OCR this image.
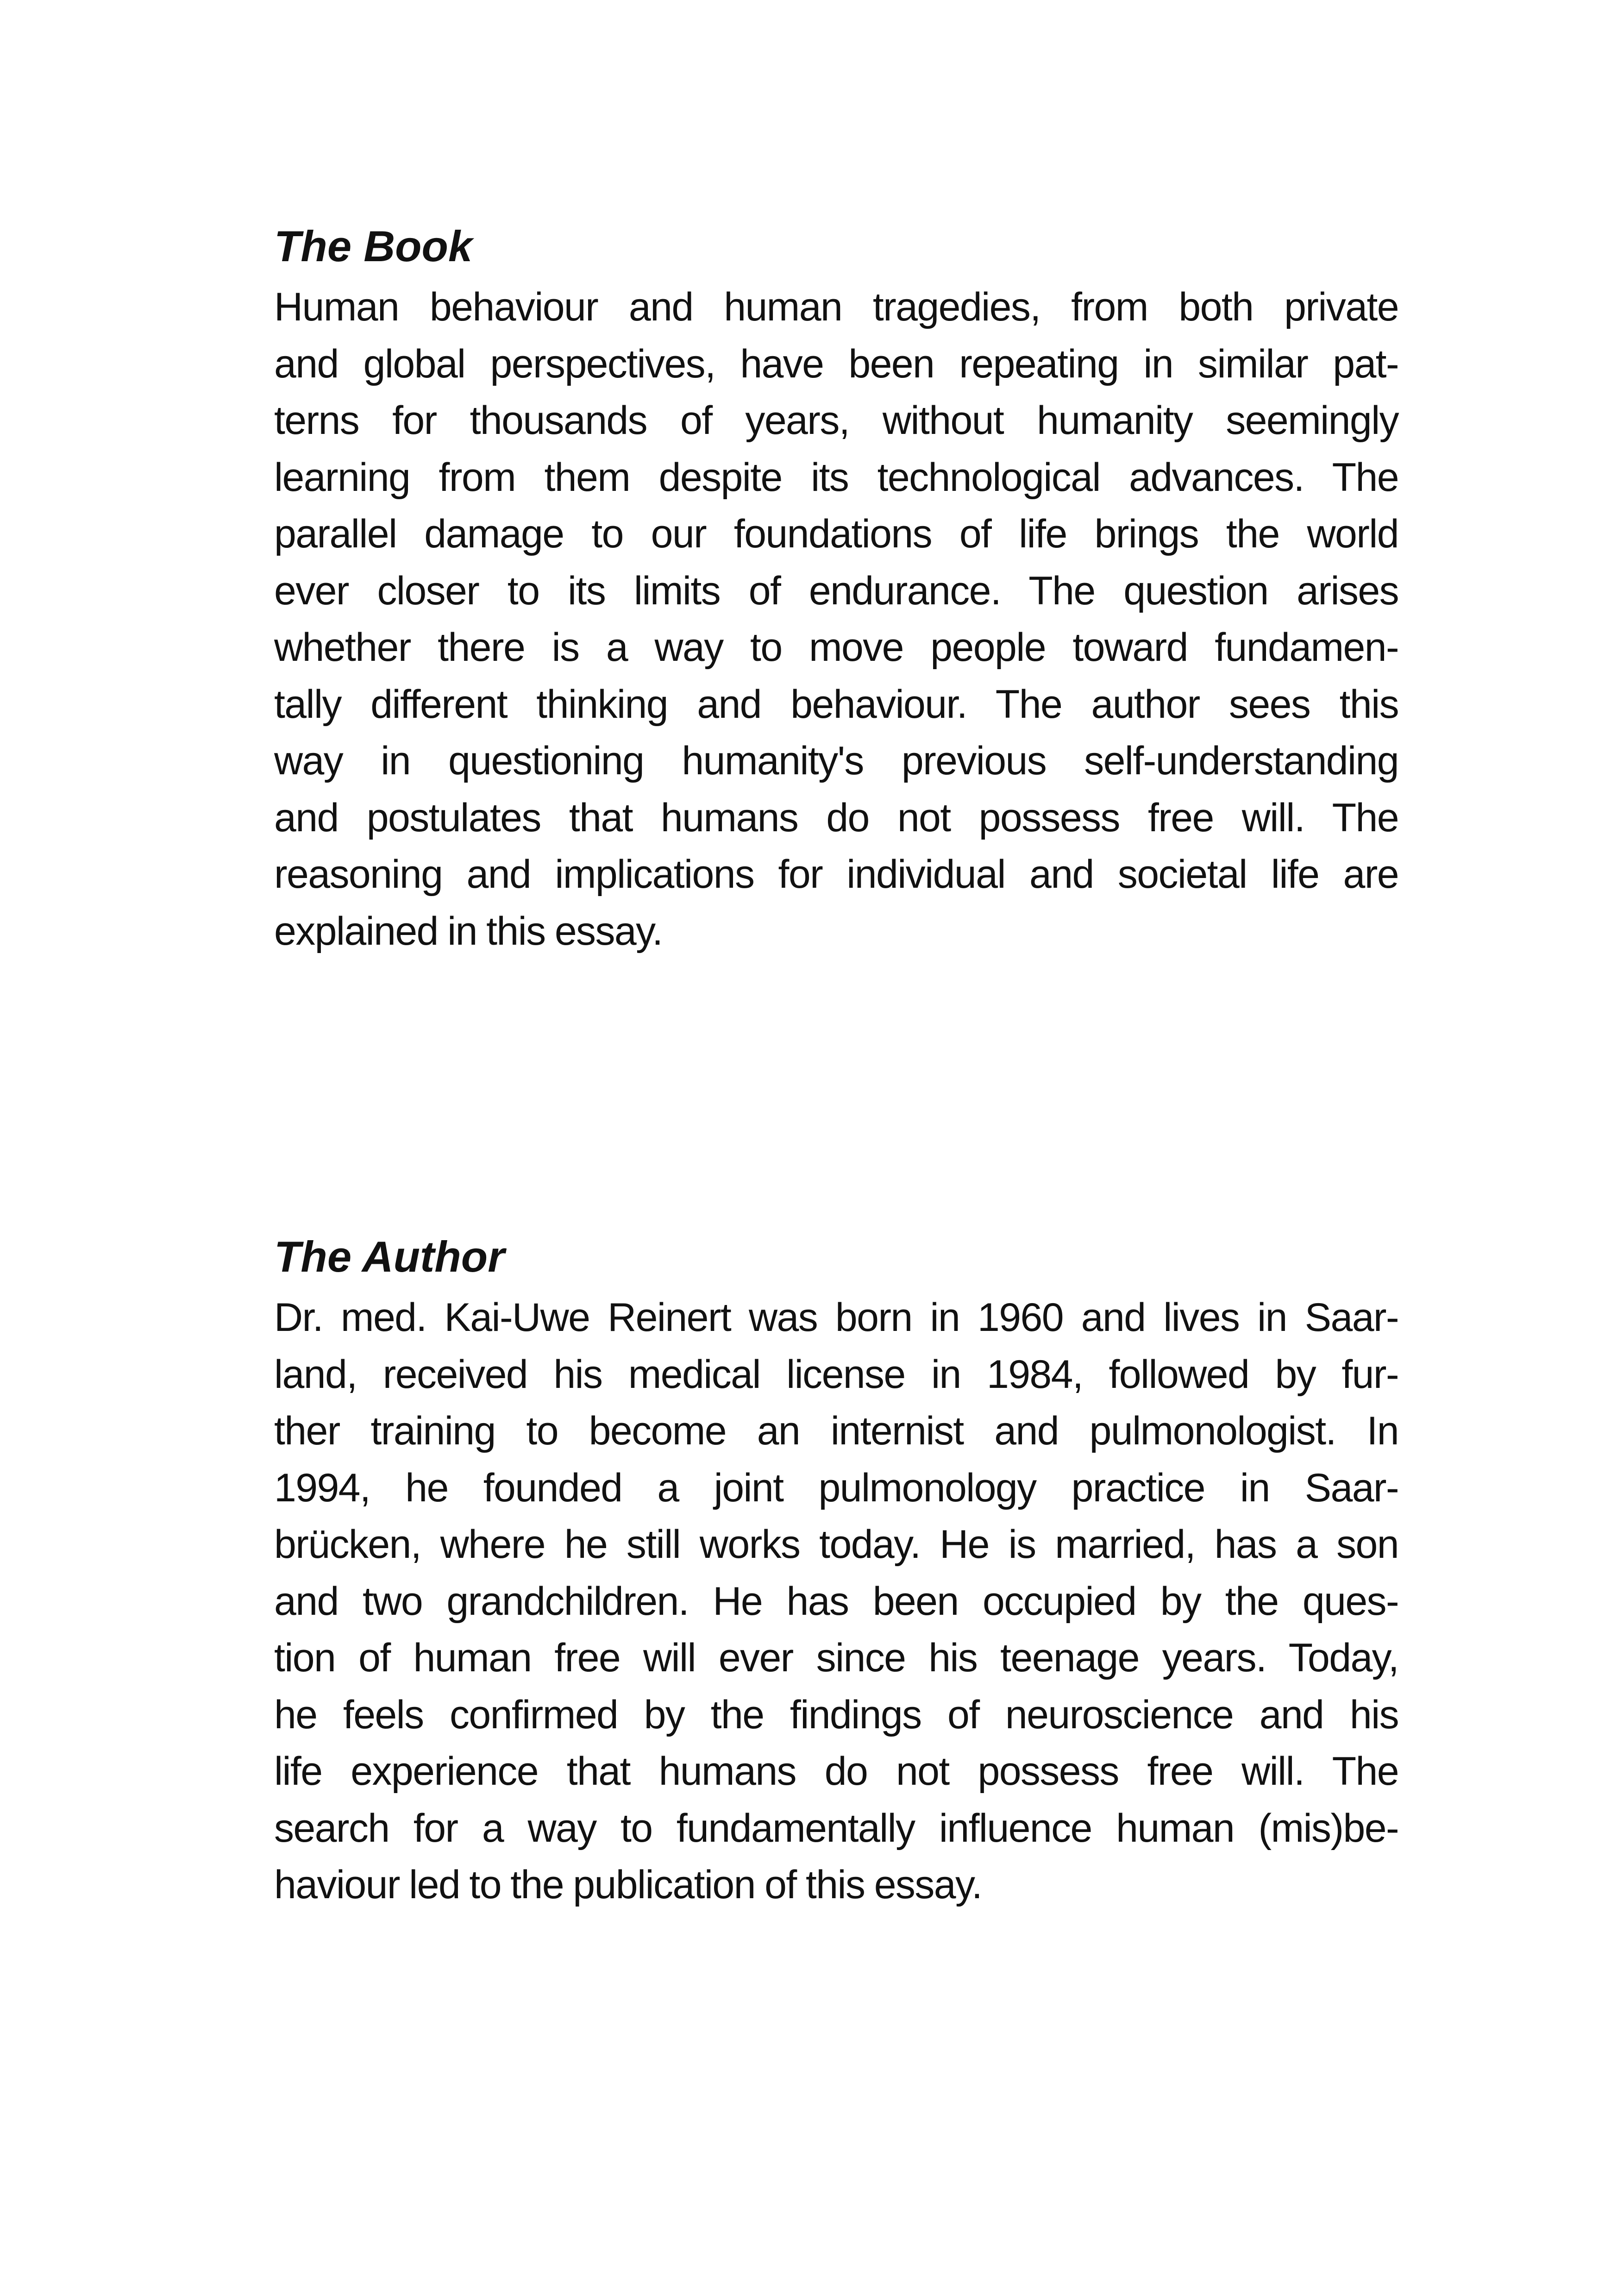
The Book
Human behaviour and human tragedies, from both private
and global perspectives, have been repeating in similar pat-
terns for thousands of years, without humanity seemingly
learning from them despite its technological advances. The
parallel damage to our foundations of life brings the world
ever closer to its limits of endurance. The question arises
whether there is a way to move people toward fundamen-
tally different thinking and behaviour. The author sees this
way in questioning humanity's previous self-understanding
and postulates that humans do not possess free will. The
reasoning and implications for individual and societal life are
explained in this essay.
The Author
Dr. med. Kai-Uwe Reinert was born in 1960 and lives in Saar-
land, received his medical license in 1984, followed by fur-
ther training to become an internist and pulmonologist. In
1994, he founded a joint pulmonology practice in Saar-
brücken, where he still works today. He is married, has a son
and two grandchildren. He has been occupied by the ques-
tion of human free will ever since his teenage years. Today,
he feels confirmed by the findings of neuroscience and his
life experience that humans do not possess free will. The
search for a way to fundamentally influence human (mis)be-
haviour led to the publication of this essay.
